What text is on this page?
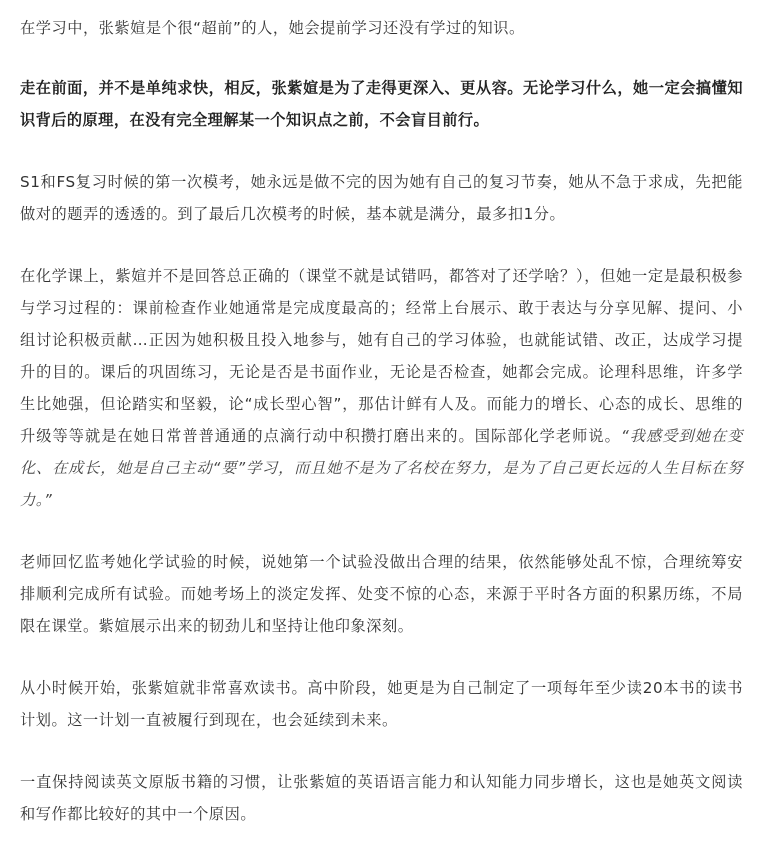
在学习中，张紫媗是个很“超前”的人，她会提前学习还没有学过的知识。

走在前面，并不是单纯求快，相反，张紫媗是为了走得更深入、更从容。无论学习什么，她一定会搞懂知识背后的原理，在没有完全理解某一个知识点之前，不会盲目前行。

S1和FS复习时候的第一次模考，她永远是做不完的因为她有自己的复习节奏，她从不急于求成，先把能做对的题弄的透透的。到了最后几次模考的时候，基本就是满分，最多扣1分。

在化学课上，紫媗并不是回答总正确的（课堂不就是试错吗，都答对了还学啥？），但她一定是最积极参与学习过程的：课前检查作业她通常是完成度最高的；经常上台展示、敢于表达与分享见解、提问、小组讨论积极贡献…正因为她积极且投入地参与，她有自己的学习体验，也就能试错、改正，达成学习提升的目的。课后的巩固练习，无论是否是书面作业，无论是否检查，她都会完成。论理科思维，许多学生比她强，但论踏实和坚毅，论“成长型心智”，那估计鲜有人及。而能力的增长、心态的成长、思维的升级等等就是在她日常普普通通的点滴行动中积攒打磨出来的。国际部化学老师说。“我感受到她在变化、在成长，她是自己主动“要”学习，而且她不是为了名校在努力，是为了自己更长远的人生目标在努力。”

老师回忆监考她化学试验的时候，说她第一个试验没做出合理的结果，依然能够处乱不惊，合理统筹安排顺利完成所有试验。而她考场上的淡定发挥、处变不惊的心态，来源于平时各方面的积累历练，不局限在课堂。紫媗展示出来的韧劲儿和坚持让他印象深刻。

从小时候开始，张紫媗就非常喜欢读书。高中阶段，她更是为自己制定了一项每年至少读20本书的读书计划。这一计划一直被履行到现在，也会延续到未来。

一直保持阅读英文原版书籍的习惯，让张紫媗的英语语言能力和认知能力同步增长，这也是她英文阅读和写作都比较好的其中一个原因。
